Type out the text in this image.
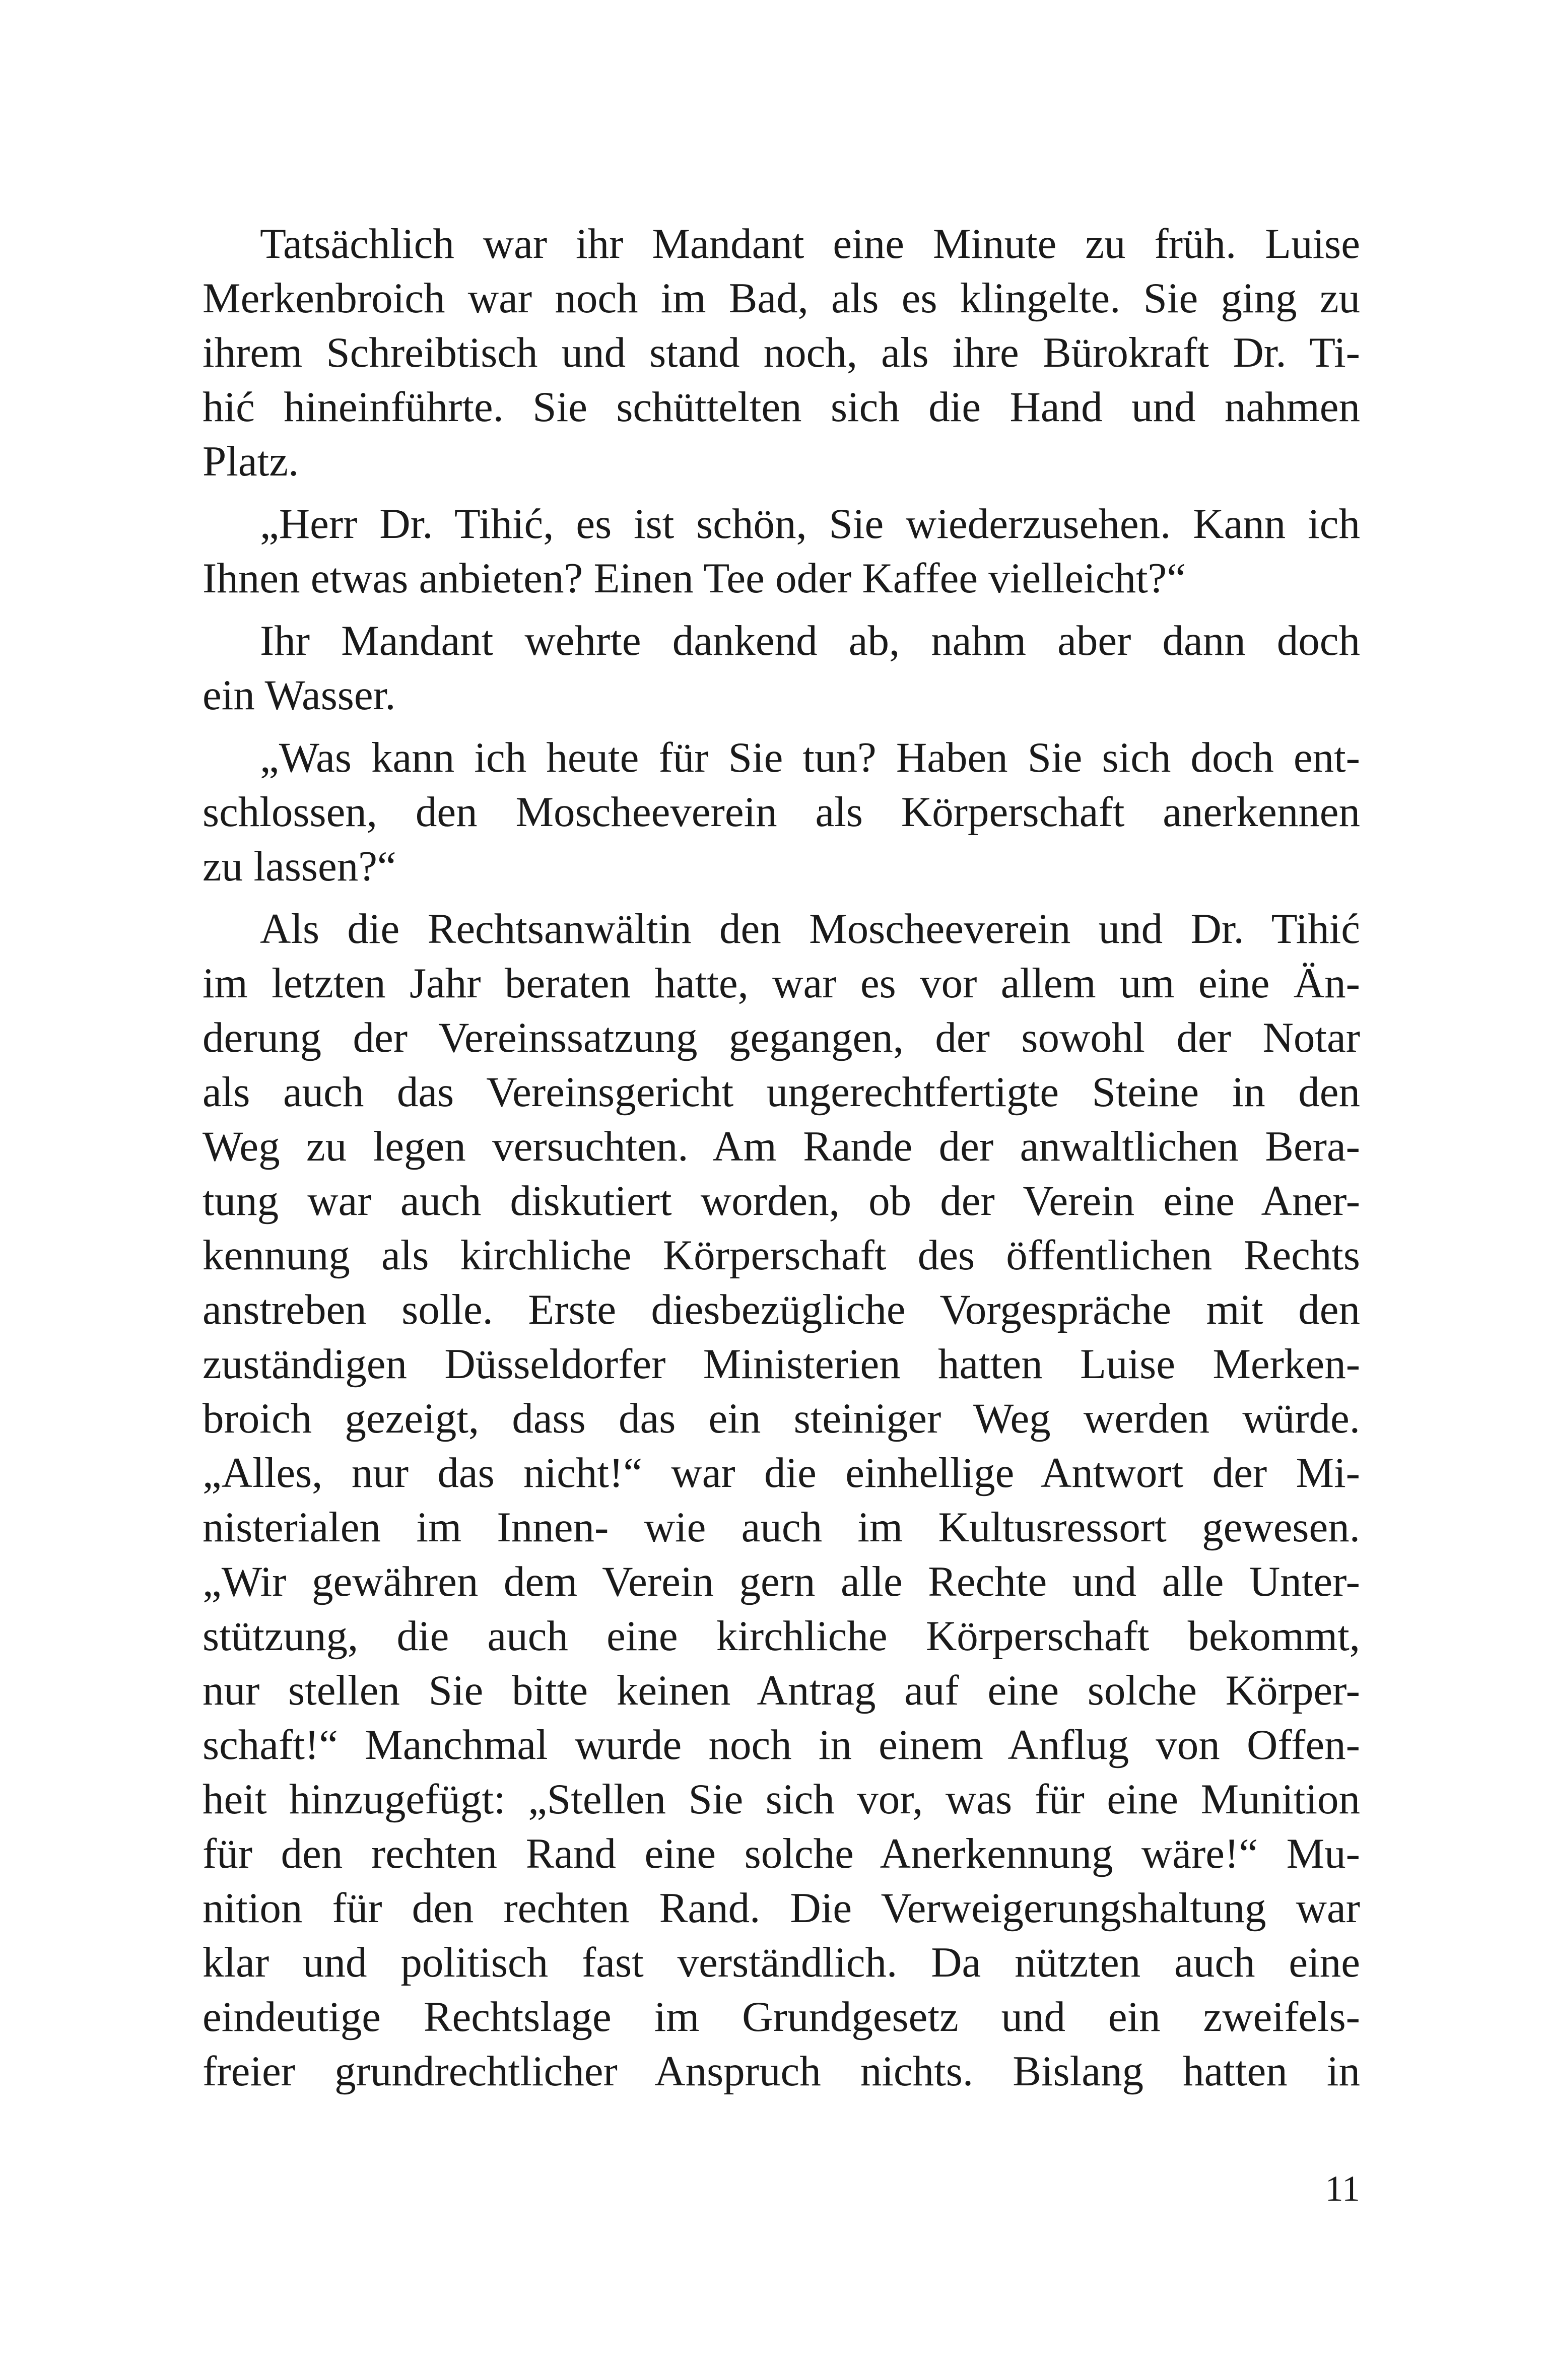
Tatsächlich war ihr Mandant eine Minute zu früh. Luise
Merkenbroich war noch im Bad, als es klingelte. Sie ging zu
ihrem Schreibtisch und stand noch, als ihre Bürokraft Dr. Ti-
hić hineinführte. Sie schüttelten sich die Hand und nahmen
Platz.
„Herr Dr. Tihić, es ist schön, Sie wiederzusehen. Kann ich
Ihnen etwas anbieten? Einen Tee oder Kaffee vielleicht?“
Ihr Mandant wehrte dankend ab, nahm aber dann doch
ein Wasser.
„Was kann ich heute für Sie tun? Haben Sie sich doch ent-
schlossen, den Moscheeverein als Körperschaft anerkennen
zu lassen?“
Als die Rechtsanwältin den Moscheeverein und Dr. Tihić
im letzten Jahr beraten hatte, war es vor allem um eine Än-
derung der Vereinssatzung gegangen, der sowohl der Notar
als auch das Vereinsgericht ungerechtfertigte Steine in den
Weg zu legen versuchten. Am Rande der anwaltlichen Bera-
tung war auch diskutiert worden, ob der Verein eine Aner-
kennung als kirchliche Körperschaft des öffentlichen Rechts
anstreben solle. Erste diesbezügliche Vorgespräche mit den
zuständigen Düsseldorfer Ministerien hatten Luise Merken-
broich gezeigt, dass das ein steiniger Weg werden würde.
„Alles, nur das nicht!“ war die einhellige Antwort der Mi-
nisterialen im Innen- wie auch im Kultusressort gewesen.
„Wir gewähren dem Verein gern alle Rechte und alle Unter-
stützung, die auch eine kirchliche Körperschaft bekommt,
nur stellen Sie bitte keinen Antrag auf eine solche Körper-
schaft!“ Manchmal wurde noch in einem Anflug von Offen-
heit hinzugefügt: „Stellen Sie sich vor, was für eine Munition
für den rechten Rand eine solche Anerkennung wäre!“ Mu-
nition für den rechten Rand. Die Verweigerungshaltung war
klar und politisch fast verständlich. Da nützten auch eine
eindeutige Rechtslage im Grundgesetz und ein zweifels-
freier grundrechtlicher Anspruch nichts. Bislang hatten in
11
